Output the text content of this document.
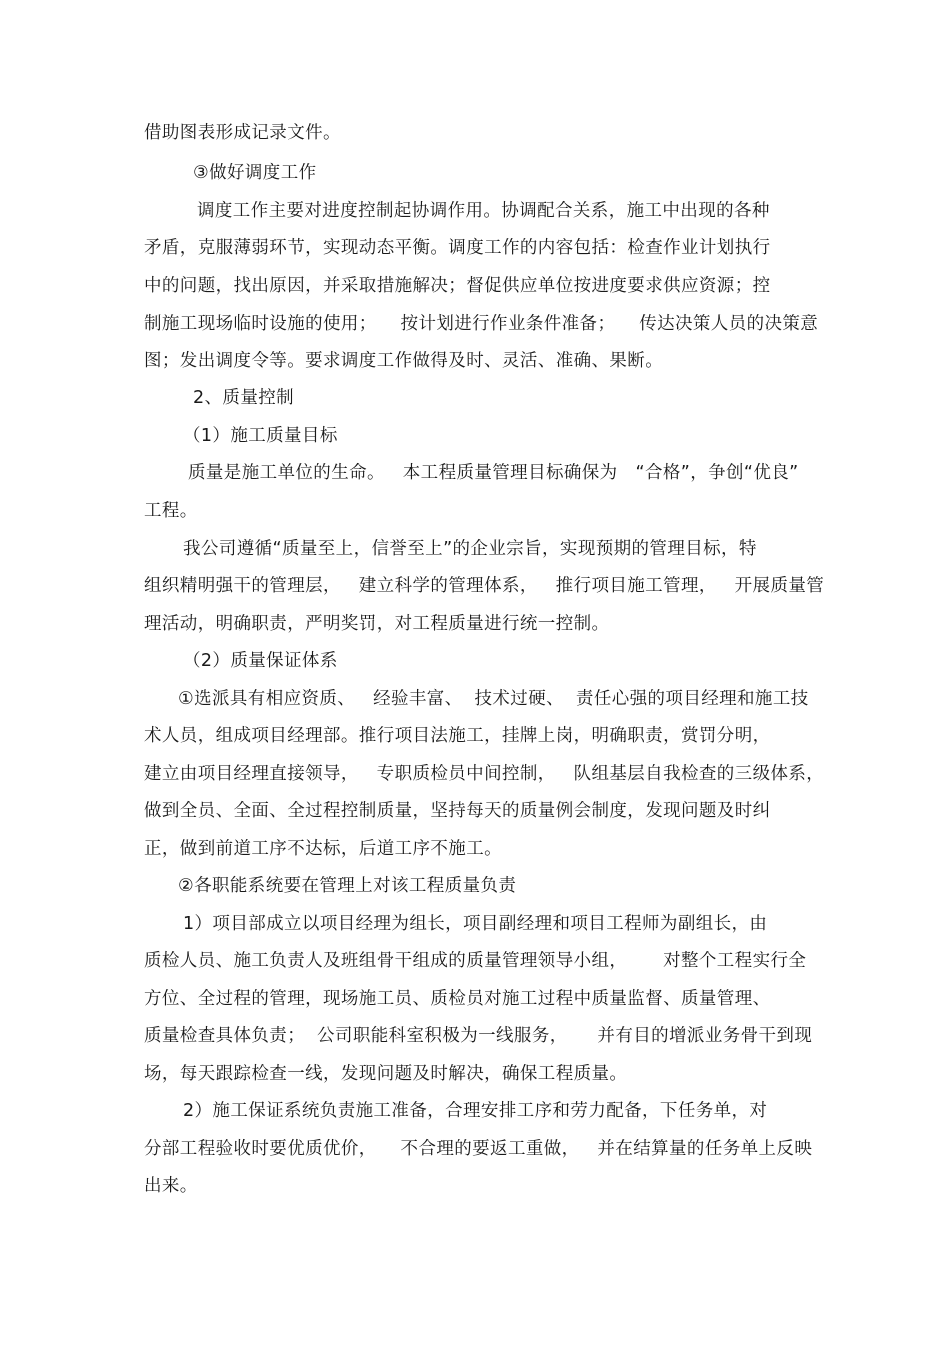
借助图表形成记录文件。
③做好调度工作
调度工作主要对进度控制起协调作用。协调配合关系，施工中出现的各种
矛盾，克服薄弱环节，实现动态平衡。调度工作的内容包括：检查作业计划执行
中的问题，找出原因，并采取措施解决；督促供应单位按进度要求供应资源；控
制施工现场临时设施的使用；    按计划进行作业条件准备；    传达决策人员的决策意
图；发出调度令等。要求调度工作做得及时、灵活、准确、果断。
2、质量控制
（1）施工质量目标
质量是施工单位的生命。   本工程质量管理目标确保为   “合格”，争创“优良”
工程。
我公司遵循“质量至上，信誉至上”的企业宗旨，实现预期的管理目标，特
组织精明强干的管理层，   建立科学的管理体系，   推行项目施工管理，   开展质量管
理活动，明确职责，严明奖罚，对工程质量进行统一控制。
（2）质量保证体系
①选派具有相应资质、   经验丰富、  技术过硬、  责任心强的项目经理和施工技
术人员，组成项目经理部。推行项目法施工，挂牌上岗，明确职责，赏罚分明，
建立由项目经理直接领导，   专职质检员中间控制，   队组基层自我检查的三级体系，
做到全员、全面、全过程控制质量，坚持每天的质量例会制度，发现问题及时纠
正，做到前道工序不达标，后道工序不施工。
②各职能系统要在管理上对该工程质量负责
1）项目部成立以项目经理为组长，项目副经理和项目工程师为副组长，由
质检人员、施工负责人及班组骨干组成的质量管理领导小组，      对整个工程实行全
方位、全过程的管理，现场施工员、质检员对施工过程中质量监督、质量管理、
质量检查具体负责；  公司职能科室积极为一线服务，     并有目的增派业务骨干到现
场，每天跟踪检查一线，发现问题及时解决，确保工程质量。
2）施工保证系统负责施工准备，合理安排工序和劳力配备，下任务单，对
分部工程验收时要优质优价，    不合理的要返工重做，   并在结算量的任务单上反映
出来。
